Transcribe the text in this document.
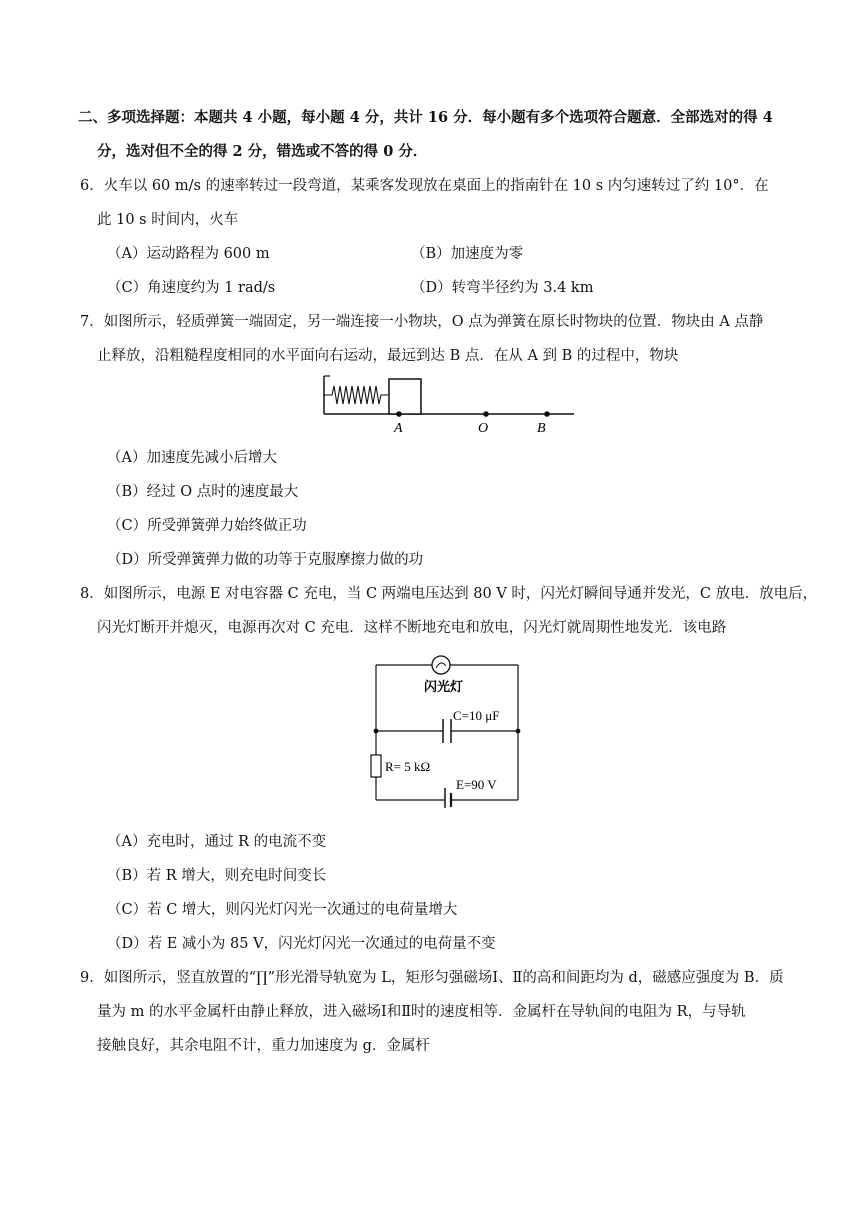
二、多项选择题：本题共 4 小题，每小题 4 分，共计 16 分．每小题有多个选项符合题意．全部选对的得 4
分，选对但不全的得 2 分，错选或不答的得 0 分．
6．火车以 60 m/s 的速率转过一段弯道，某乘客发现放在桌面上的指南针在 10 s 内匀速转过了约 10°．在
此 10 s 时间内，火车
（A）运动路程为 600 m	（B）加速度为零
（C）角速度约为 1 rad/s	（D）转弯半径约为 3.4 km
7．如图所示，轻质弹簧一端固定，另一端连接一小物块，O 点为弹簧在原长时物块的位置．物块由 A 点静
止释放，沿粗糙程度相同的水平面向右运动，最远到达 B 点．在从 A 到 B 的过程中，物块
A	O	B
（A）加速度先减小后增大
（B）经过 O 点时的速度最大
（C）所受弹簧弹力始终做正功
（D）所受弹簧弹力做的功等于克服摩擦力做的功
8．如图所示，电源 E 对电容器 C 充电，当 C 两端电压达到 80 V 时，闪光灯瞬间导通并发光，C 放电．放电后，
闪光灯断开并熄灭，电源再次对 C 充电．这样不断地充电和放电，闪光灯就周期性地发光．该电路
闪光灯
C=10 μF
R= 5 kΩ
E=90 V
（A）充电时，通过 R 的电流不变
（B）若 R 增大，则充电时间变长
（C）若 C 增大，则闪光灯闪光一次通过的电荷量增大
（D）若 E 减小为 85 V，闪光灯闪光一次通过的电荷量不变
9．如图所示，竖直放置的“∏”形光滑导轨宽为 L，矩形匀强磁场Ⅰ、Ⅱ的高和间距均为 d，磁感应强度为 B．质
量为 m 的水平金属杆由静止释放，进入磁场Ⅰ和Ⅱ时的速度相等．金属杆在导轨间的电阻为 R，与导轨
接触良好，其余电阻不计，重力加速度为 g．金属杆
